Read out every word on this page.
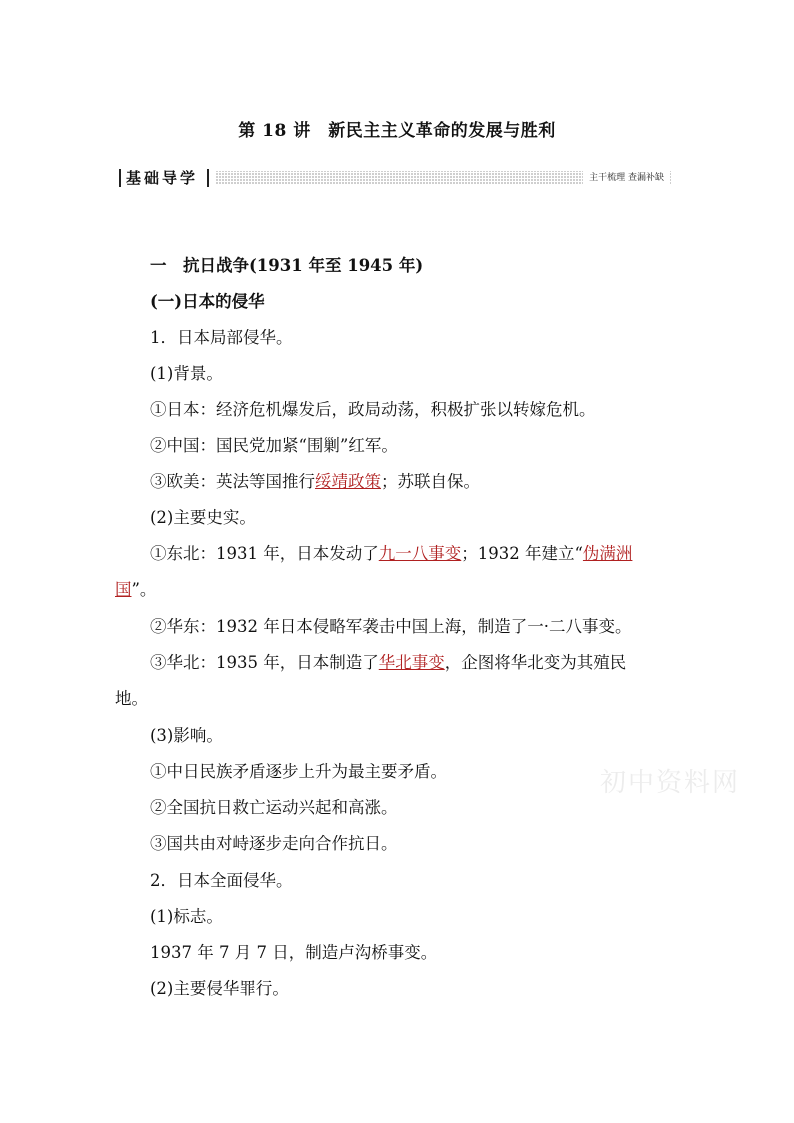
第 18 讲　新民主主义革命的发展与胜利
基础导学	主干梳理 查漏补缺
一　抗日战争(1931 年至 1945 年)
(一)日本的侵华
1．日本局部侵华。
(1)背景。
①日本：经济危机爆发后，政局动荡，积极扩张以转嫁危机。
②中国：国民党加紧“围剿”红军。
③欧美：英法等国推行绥靖政策；苏联自保。
(2)主要史实。
①东北：1931 年，日本发动了九一八事变；1932 年建立“伪满洲
国”。
②华东：1932 年日本侵略军袭击中国上海，制造了一·二八事变。
③华北：1935 年，日本制造了华北事变，企图将华北变为其殖民
地。
(3)影响。
①中日民族矛盾逐步上升为最主要矛盾。
②全国抗日救亡运动兴起和高涨。
③国共由对峙逐步走向合作抗日。
2．日本全面侵华。
(1)标志。
1937 年 7 月 7 日，制造卢沟桥事变。
(2)主要侵华罪行。
初中资料网
